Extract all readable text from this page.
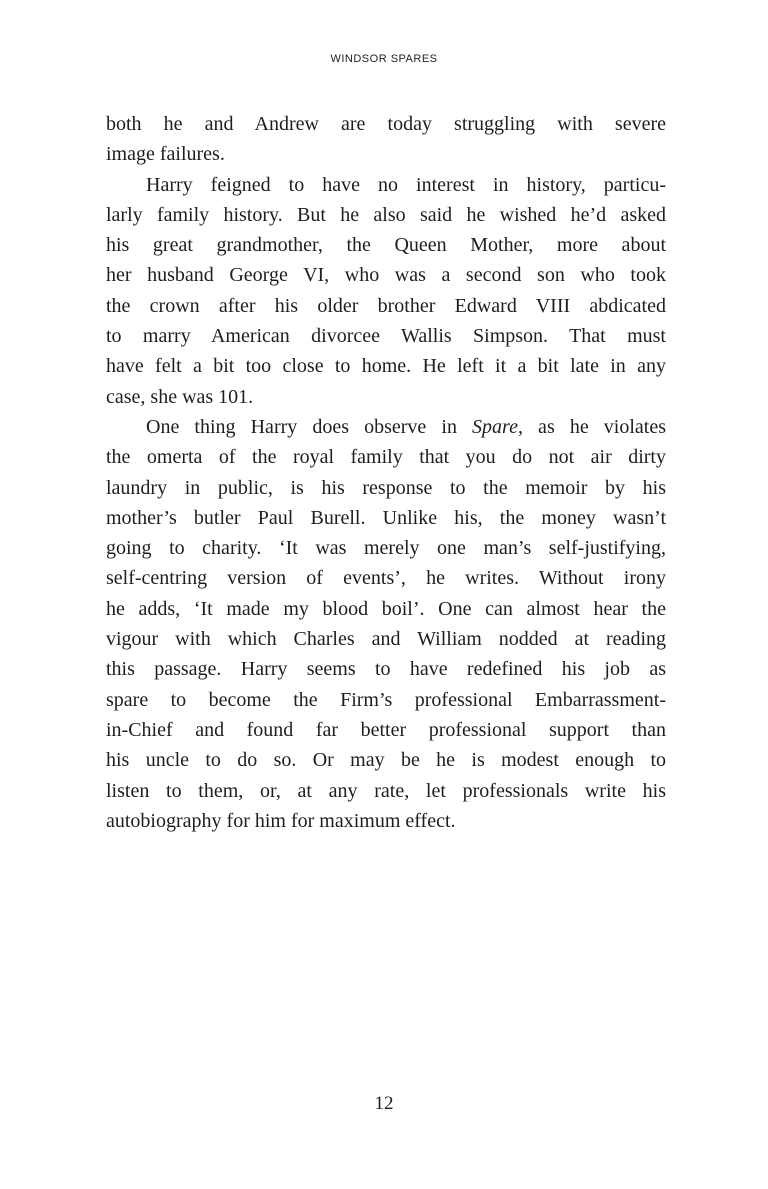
WINDSOR SPARES
both he and Andrew are today struggling with severe
image failures.
Harry feigned to have no interest in history, particu-
larly family history. But he also said he wished he’d asked
his great grandmother, the Queen Mother, more about
her husband George VI, who was a second son who took
the crown after his older brother Edward VIII abdicated
to marry American divorcee Wallis Simpson. That must
have felt a bit too close to home. He left it a bit late in any
case, she was 101.
One thing Harry does observe in Spare, as he violates
the omerta of the royal family that you do not air dirty
laundry in public, is his response to the memoir by his
mother’s butler Paul Burell. Unlike his, the money wasn’t
going to charity. ‘It was merely one man’s self-justifying,
self-centring version of events’, he writes. Without irony
he adds, ‘It made my blood boil’. One can almost hear the
vigour with which Charles and William nodded at reading
this passage. Harry seems to have redefined his job as
spare to become the Firm’s professional Embarrassment-
in-Chief and found far better professional support than
his uncle to do so. Or may be he is modest enough to
listen to them, or, at any rate, let professionals write his
autobiography for him for maximum effect.
12
